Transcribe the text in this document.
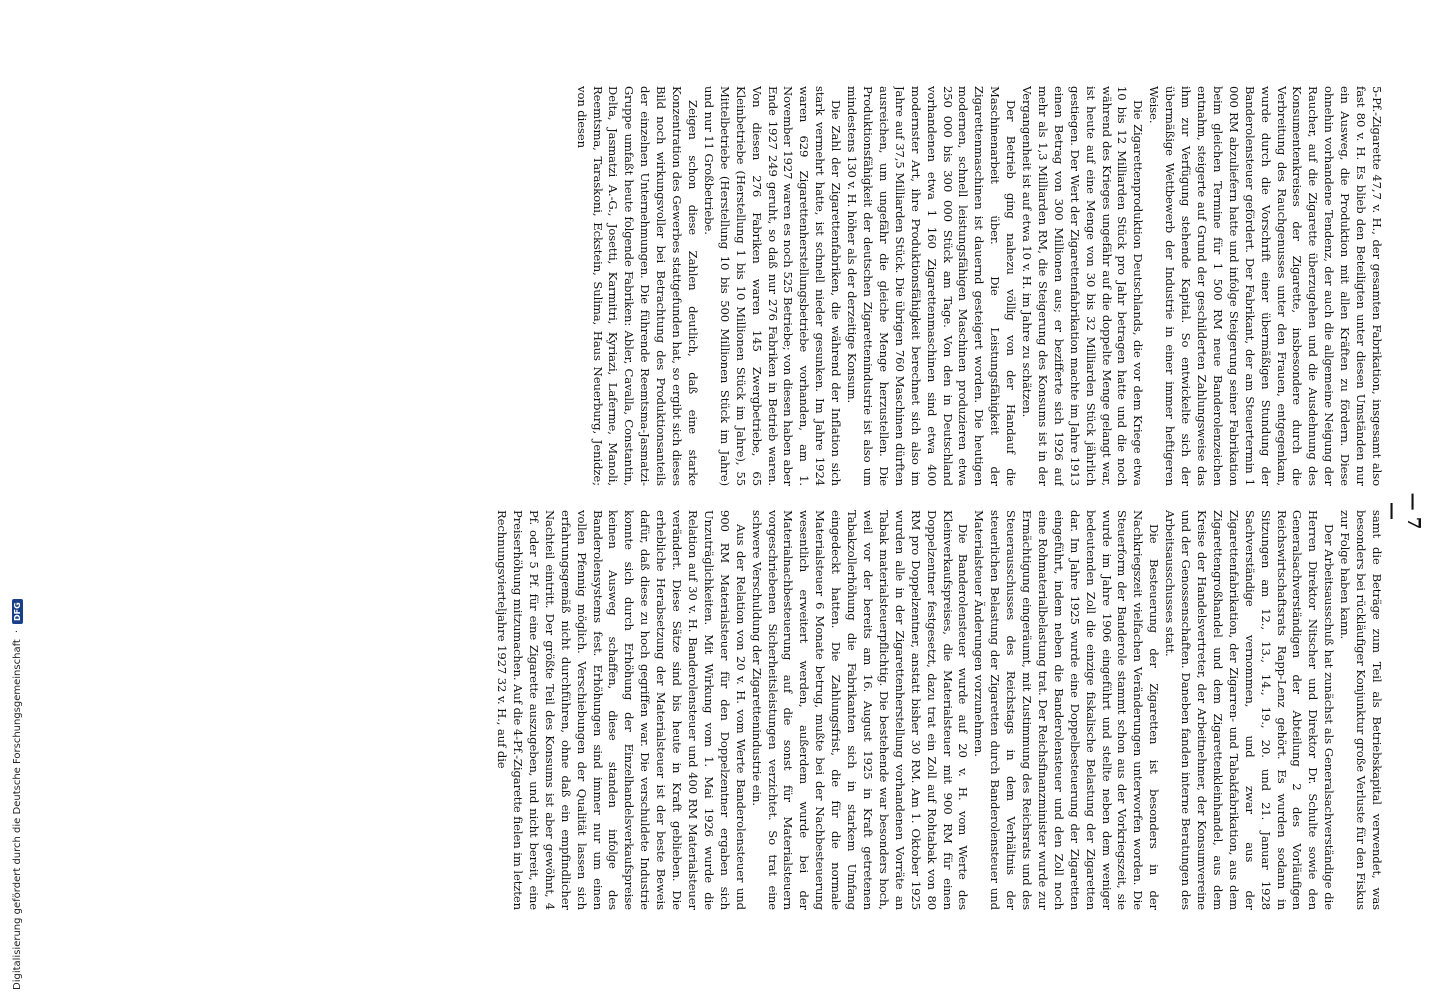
Digitalisierung gefördert durch die Deutsche Forschungsgemeinschaft
·
DFG
— 7 —

5-Pf.-Zigarette 47,7 v. H., der gesamten Fabrikation, insgesamt also fast 80 v. H. Es blieb den Beteiligten unter diesen Umständen nur ein Ausweg, die Produktion mit allen Kräften zu fördern. Diese ohnehin vorhandene Tendenz, der auch die allgemeine Neigung der Raucher, auf die Zigarette überzugehen und die Ausdehnung des Konsumentenkreises der Zigarette, insbesondere durch die Verbreitung des Rauchgenusses unter den Frauen, entgegenkam, wurde durch die Vorschrift einer übermäßigen Stundung der Banderolensteuer gefördert. Der Fabrikant, der am Steuertermin 1 000 RM abzuliefern hatte und infolge Steigerung seiner Fabrikation beim gleichen Termine für 1 500 RM neue Banderolenzeichen entnahm, steigerte auf Grund der geschilderten Zahlungsweise das ihm zur Verfügung stehende Kapital. So entwickelte sich der übermäßige Wettbewerb der Industrie in einer immer heftigeren Weise.

Die Zigarettenproduktion Deutschlands, die vor dem Kriege etwa 10 bis 12 Milliarden Stück pro Jahr betragen hatte und die noch während des Krieges ungefähr auf die doppelte Menge gelangt war, ist heute auf eine Menge von 30 bis 32 Milliarden Stück jährlich gestiegen. Der Wert der Zigarettenfabrikation machte im Jahre 1913 einen Betrag von 300 Millionen aus; er bezifferte sich 1926 auf mehr als 1,3 Milliarden RM, die Steigerung des Konsums ist in der Vergangenheit ist auf etwa 10 v. H. im Jahre zu schätzen.

Der Betrieb ging nahezu völlig von der Handauf die Maschinenarbeit über. Die Leistungsfähigkeit der Zigarettenmaschinen ist dauernd gesteigert worden. Die heutigen modernen, schnell leistungsfähigen Maschinen produzieren etwa 250 000 bis 300 000 Stück am Tage. Von den in Deutschland vorhandenen etwa 1 160 Zigarettenmaschinen sind etwa 400 modernster Art, ihre Produktionsfähigkeit berechnet sich also im Jahre auf 37,5 Milliarden Stück. Die übrigen 760 Maschinen dürften ausreichen, um ungefähr die gleiche Menge herzustellen. Die Produktionsfähigkeit der deutschen Zigarettenindustrie ist also um mindestens 130 v. H. höher als der derzeitige Konsum.

Die Zahl der Zigarettenfabriken, die während der Inflation sich stark vermehrt hatte, ist schnell nieder gesunken. Im Jahre 1924 waren 629 Zigarettenherstellungsbetriebe vorhanden, am 1. November 1927 waren es noch 525 Betriebe; von diesen haben aber Ende 1927 249 geruht, so daß nur 276 Fabriken in Betrieb waren. Von diesen 276 Fabriken waren 145 Zwergbetriebe, 65 Kleinbetriebe (Herstellung 1 bis 10 Millionen Stück im Jahre), 55 Mittelbetriebe (Herstellung 10 bis 500 Millionen Stück im Jahre) und nur 11 Großbetriebe.

Zeigen schon diese Zahlen deutlich, daß eine starke Konzentration des Gewerbes stattgefunden hat, so ergibt sich dieses Bild noch wirkungsvoller bei Betrachtung des Produktionsanteils der einzelnen Unternehmungen. Die führende Reemtsma-Jasmatzi-Gruppe umfaßt heute folgende Fabriken: Abler, Cavalla, Constantin, Delta, Jasmatzi A.-G., Josetti, Karmitri, Kyriazi, Laferme, Manoli, Reemtsma, Taraskoni, Eckstein, Sulima, Haus Neuerburg, Jenidze; von diesen

samt die Beträge zum Teil als Betriebskapital verwendet, was besonders bei rückläufiger Konjunktur große Verluste für den Fiskus zur Folge haben kann.

Der Arbeitsausschuß hat zunächst als Generalsachverständige die Herren Direktor Nitscher und Direktor Dr. Schulte sowie den Generalsachverständigen der Abteilung 2 des Vorläufigen Reichswirtschaftsrats Rapp-Lenz gehört. Es wurden sodann in Sitzungen am 12., 13., 14., 19., 20. und 21. Januar 1928 Sachverständige vernommen, und zwar aus der Zigarettenfabrikation, der Zigarren- und Tabakfabrikation, aus dem Zigarettengroßhandel und dem Zigarettenkleinhandel, aus dem Kreise der Handelsvertreter, der Arbeitnehmer, der Konsumvereine und der Genossenschaften. Daneben fanden interne Beratungen des Arbeitsausschusses statt.

Die Besteuerung der Zigaretten ist besonders in der Nachkriegszeit vielfachen Veränderungen unterworfen worden. Die Steuerform der Banderole stammt schon aus der Vorkriegszeit, sie wurde im Jahre 1906 eingeführt und stellte neben dem weniger bedeutenden Zoll die einzige fiskalische Belastung der Zigaretten dar. Im Jahre 1925 wurde eine Doppelbesteuerung der Zigaretten eingeführt, indem neben die Banderolensteuer und den Zoll noch eine Rohmaterialbelastung trat. Der Reichsfinanzminister wurde zur Ermächtigung eingeräumt, mit Zustimmung des Reichsrats und des Steuerausschusses des Reichstags in dem Verhältnis der steuerlichen Belastung der Zigaretten durch Banderolensteuer und Materialsteuer Änderungen vorzunehmen.

Die Banderolensteuer wurde auf 20 v. H. vom Werte des Kleinverkaufspreises, die Materialsteuer mit 900 RM für einen Doppelzentner festgesetzt, dazu trat ein Zoll auf Rohtabak von 80 RM pro Doppelzentner, anstatt bisher 30 RM. Am 1. Oktober 1925 wurden alle in der Zigarettenherstellung vorhandenen Vorräte an Tabak materialsteuerpflichtig. Die bestehende war besonders hoch, weil vor der bereits am 16. August 1925 in Kraft getretenen Tabakzollerhöhung die Fabrikanten sich in starkem Umfang eingedeckt hatten. Die Zahlungsfrist, die für die normale Materialsteuer 6 Monate betrug, mußte bei der Nachbesteuerung wesentlich erweitert werden, außerdem wurde bei der Materialnachbesteuerung auf die sonst für Materialsteuern vorgeschriebenen Sicherheitsleistungen verzichtet. So trat eine schwere Verschuldung der Zigarettenindustrie ein.

Aus der Relation von 20 v. H. vom Werte Banderolensteuer und 900 RM Materialsteuer für den Doppelzentner ergaben sich Unzuträglichkeiten. Mit Wirkung vom 1. Mai 1926 wurde die Relation auf 30 v. H. Banderolensteuer und 400 RM Materialsteuer verändert. Diese Sätze sind bis heute in Kraft geblieben. Die erhebliche Herabsetzung der Materialsteuer ist der beste Beweis dafür, daß diese zu hoch gegriffen war. Die verschuldete Industrie konnte sich durch Erhöhung der Einzelhandelsverkaufspreise keinen Ausweg schaffen, diese standen infolge des Banderolensystems fest. Erhöhungen sind immer nur um einen vollen Pfennig möglich. Verschiebungen der Qualität lassen sich erfahrungsgemäß nicht durchführen, ohne daß ein empfindlicher Nachteil eintritt. Der größte Teil des Konsums ist aber gewöhnt, 4 Pf. oder 5 Pf. für eine Zigarette auszugeben, und nicht bereit, eine Preiserhöhung mitzumachen. Auf die 4-Pf.-Zigarette fielen im letzten Rechnungsvierteljahre 1927 32 v. H., auf die
